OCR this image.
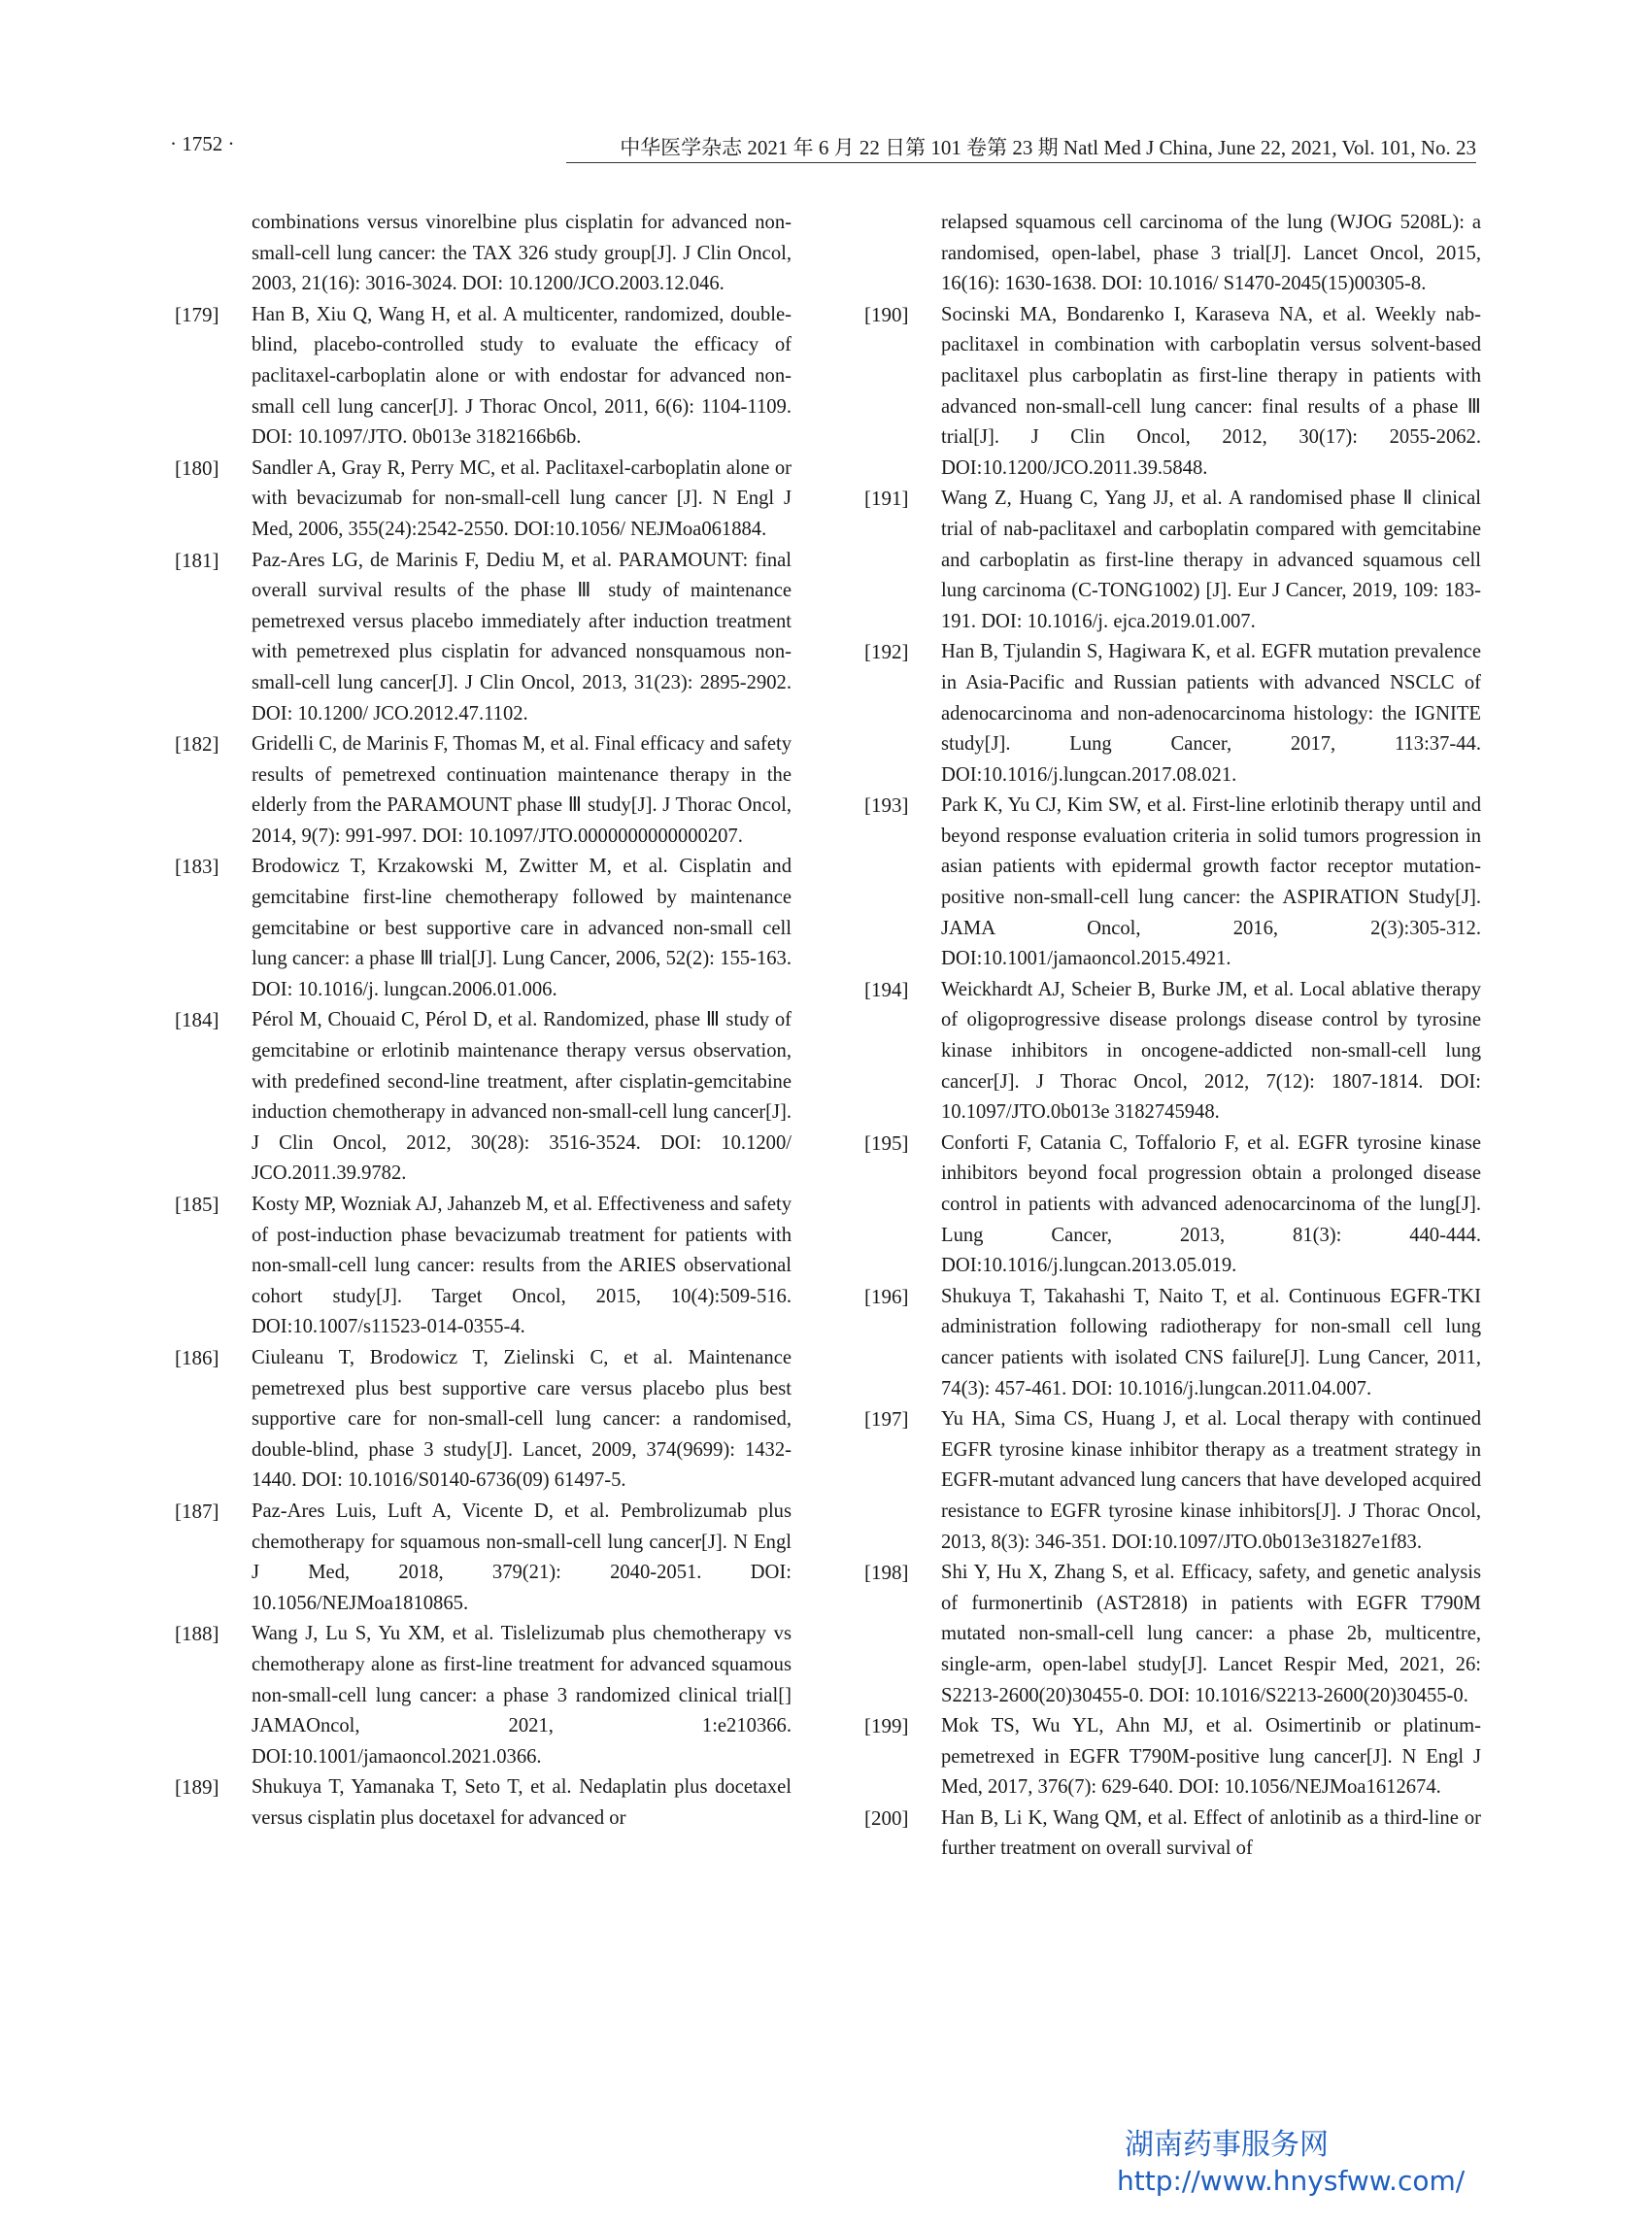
· 1752 ·	中华医学杂志 2021 年 6 月 22 日第 101 卷第 23 期 Natl Med J China, June 22, 2021, Vol. 101, No. 23
combinations versus vinorelbine plus cisplatin for advanced non-small-cell lung cancer: the TAX 326 study group[J]. J Clin Oncol, 2003, 21(16): 3016-3024. DOI: 10.1200/JCO.2003.12.046.
[179] Han B, Xiu Q, Wang H, et al. A multicenter, randomized, double-blind, placebo-controlled study to evaluate the efficacy of paclitaxel-carboplatin alone or with endostar for advanced non-small cell lung cancer[J]. J Thorac Oncol, 2011, 6(6): 1104-1109. DOI: 10.1097/JTO. 0b013e 3182166b6b.
[180] Sandler A, Gray R, Perry MC, et al. Paclitaxel-carboplatin alone or with bevacizumab for non-small-cell lung cancer [J]. N Engl J Med, 2006, 355(24):2542-2550. DOI:10.1056/ NEJMoa061884.
[181] Paz-Ares LG, de Marinis F, Dediu M, et al. PARAMOUNT: final overall survival results of the phase Ⅲ study of maintenance pemetrexed versus placebo immediately after induction treatment with pemetrexed plus cisplatin for advanced nonsquamous non-small-cell lung cancer[J]. J Clin Oncol, 2013, 31(23): 2895-2902. DOI: 10.1200/ JCO.2012.47.1102.
[182] Gridelli C, de Marinis F, Thomas M, et al. Final efficacy and safety results of pemetrexed continuation maintenance therapy in the elderly from the PARAMOUNT phase Ⅲ study[J]. J Thorac Oncol, 2014, 9(7): 991-997. DOI: 10.1097/JTO.0000000000000207.
[183] Brodowicz T, Krzakowski M, Zwitter M, et al. Cisplatin and gemcitabine first-line chemotherapy followed by maintenance gemcitabine or best supportive care in advanced non-small cell lung cancer: a phase Ⅲ trial[J]. Lung Cancer, 2006, 52(2): 155-163. DOI: 10.1016/j. lungcan.2006.01.006.
[184] Pérol M, Chouaid C, Pérol D, et al. Randomized, phase Ⅲ study of gemcitabine or erlotinib maintenance therapy versus observation, with predefined second-line treatment, after cisplatin-gemcitabine induction chemotherapy in advanced non-small-cell lung cancer[J]. J Clin Oncol, 2012, 30(28): 3516-3524. DOI: 10.1200/ JCO.2011.39.9782.
[185] Kosty MP, Wozniak AJ, Jahanzeb M, et al. Effectiveness and safety of post-induction phase bevacizumab treatment for patients with non-small-cell lung cancer: results from the ARIES observational cohort study[J]. Target Oncol, 2015, 10(4):509-516. DOI:10.1007/s11523-014-0355-4.
[186] Ciuleanu T, Brodowicz T, Zielinski C, et al. Maintenance pemetrexed plus best supportive care versus placebo plus best supportive care for non-small-cell lung cancer: a randomised, double-blind, phase 3 study[J]. Lancet, 2009, 374(9699): 1432-1440. DOI: 10.1016/S0140-6736(09) 61497-5.
[187] Paz-Ares Luis, Luft A, Vicente D, et al. Pembrolizumab plus chemotherapy for squamous non-small-cell lung cancer[J]. N Engl J Med, 2018, 379(21): 2040-2051. DOI: 10.1056/NEJMoa1810865.
[188] Wang J, Lu S, Yu XM, et al. Tislelizumab plus chemotherapy vs chemotherapy alone as first-line treatment for advanced squamous non-small-cell lung cancer: a phase 3 randomized clinical trial[] JAMAOncol, 2021, 1:e210366. DOI:10.1001/jamaoncol.2021.0366.
[189] Shukuya T, Yamanaka T, Seto T, et al. Nedaplatin plus docetaxel versus cisplatin plus docetaxel for advanced or
relapsed squamous cell carcinoma of the lung (WJOG 5208L): a randomised, open-label, phase 3 trial[J]. Lancet Oncol, 2015, 16(16): 1630-1638. DOI: 10.1016/ S1470-2045(15)00305-8.
[190] Socinski MA, Bondarenko I, Karaseva NA, et al. Weekly nab-paclitaxel in combination with carboplatin versus solvent-based paclitaxel plus carboplatin as first-line therapy in patients with advanced non-small-cell lung cancer: final results of a phase Ⅲ trial[J]. J Clin Oncol, 2012, 30(17): 2055-2062. DOI:10.1200/JCO.2011.39.5848.
[191] Wang Z, Huang C, Yang JJ, et al. A randomised phase Ⅱ clinical trial of nab-paclitaxel and carboplatin compared with gemcitabine and carboplatin as first-line therapy in advanced squamous cell lung carcinoma (C-TONG1002) [J]. Eur J Cancer, 2019, 109: 183-191. DOI: 10.1016/j. ejca.2019.01.007.
[192] Han B, Tjulandin S, Hagiwara K, et al. EGFR mutation prevalence in Asia-Pacific and Russian patients with advanced NSCLC of adenocarcinoma and non-adenocarcinoma histology: the IGNITE study[J]. Lung Cancer, 2017, 113:37-44. DOI:10.1016/j.lungcan.2017.08.021.
[193] Park K, Yu CJ, Kim SW, et al. First-line erlotinib therapy until and beyond response evaluation criteria in solid tumors progression in asian patients with epidermal growth factor receptor mutation-positive non-small-cell lung cancer: the ASPIRATION Study[J]. JAMA Oncol, 2016, 2(3):305-312. DOI:10.1001/jamaoncol.2015.4921.
[194] Weickhardt AJ, Scheier B, Burke JM, et al. Local ablative therapy of oligoprogressive disease prolongs disease control by tyrosine kinase inhibitors in oncogene-addicted non-small-cell lung cancer[J]. J Thorac Oncol, 2012, 7(12): 1807-1814. DOI: 10.1097/JTO.0b013e 3182745948.
[195] Conforti F, Catania C, Toffalorio F, et al. EGFR tyrosine kinase inhibitors beyond focal progression obtain a prolonged disease control in patients with advanced adenocarcinoma of the lung[J]. Lung Cancer, 2013, 81(3): 440-444. DOI:10.1016/j.lungcan.2013.05.019.
[196] Shukuya T, Takahashi T, Naito T, et al. Continuous EGFR-TKI administration following radiotherapy for non-small cell lung cancer patients with isolated CNS failure[J]. Lung Cancer, 2011, 74(3): 457-461. DOI: 10.1016/j.lungcan.2011.04.007.
[197] Yu HA, Sima CS, Huang J, et al. Local therapy with continued EGFR tyrosine kinase inhibitor therapy as a treatment strategy in EGFR-mutant advanced lung cancers that have developed acquired resistance to EGFR tyrosine kinase inhibitors[J]. J Thorac Oncol, 2013, 8(3): 346-351. DOI:10.1097/JTO.0b013e31827e1f83.
[198] Shi Y, Hu X, Zhang S, et al. Efficacy, safety, and genetic analysis of furmonertinib (AST2818) in patients with EGFR T790M mutated non-small-cell lung cancer: a phase 2b, multicentre, single-arm, open-label study[J]. Lancet Respir Med, 2021, 26: S2213-2600(20)30455-0. DOI: 10.1016/S2213-2600(20)30455-0.
[199] Mok TS, Wu YL, Ahn MJ, et al. Osimertinib or platinum-pemetrexed in EGFR T790M-positive lung cancer[J]. N Engl J Med, 2017, 376(7): 629-640. DOI: 10.1056/NEJMoa1612674.
[200] Han B, Li K, Wang QM, et al. Effect of anlotinib as a third-line or further treatment on overall survival of
湖南药事服务网
http://www.hnysfww.com/
